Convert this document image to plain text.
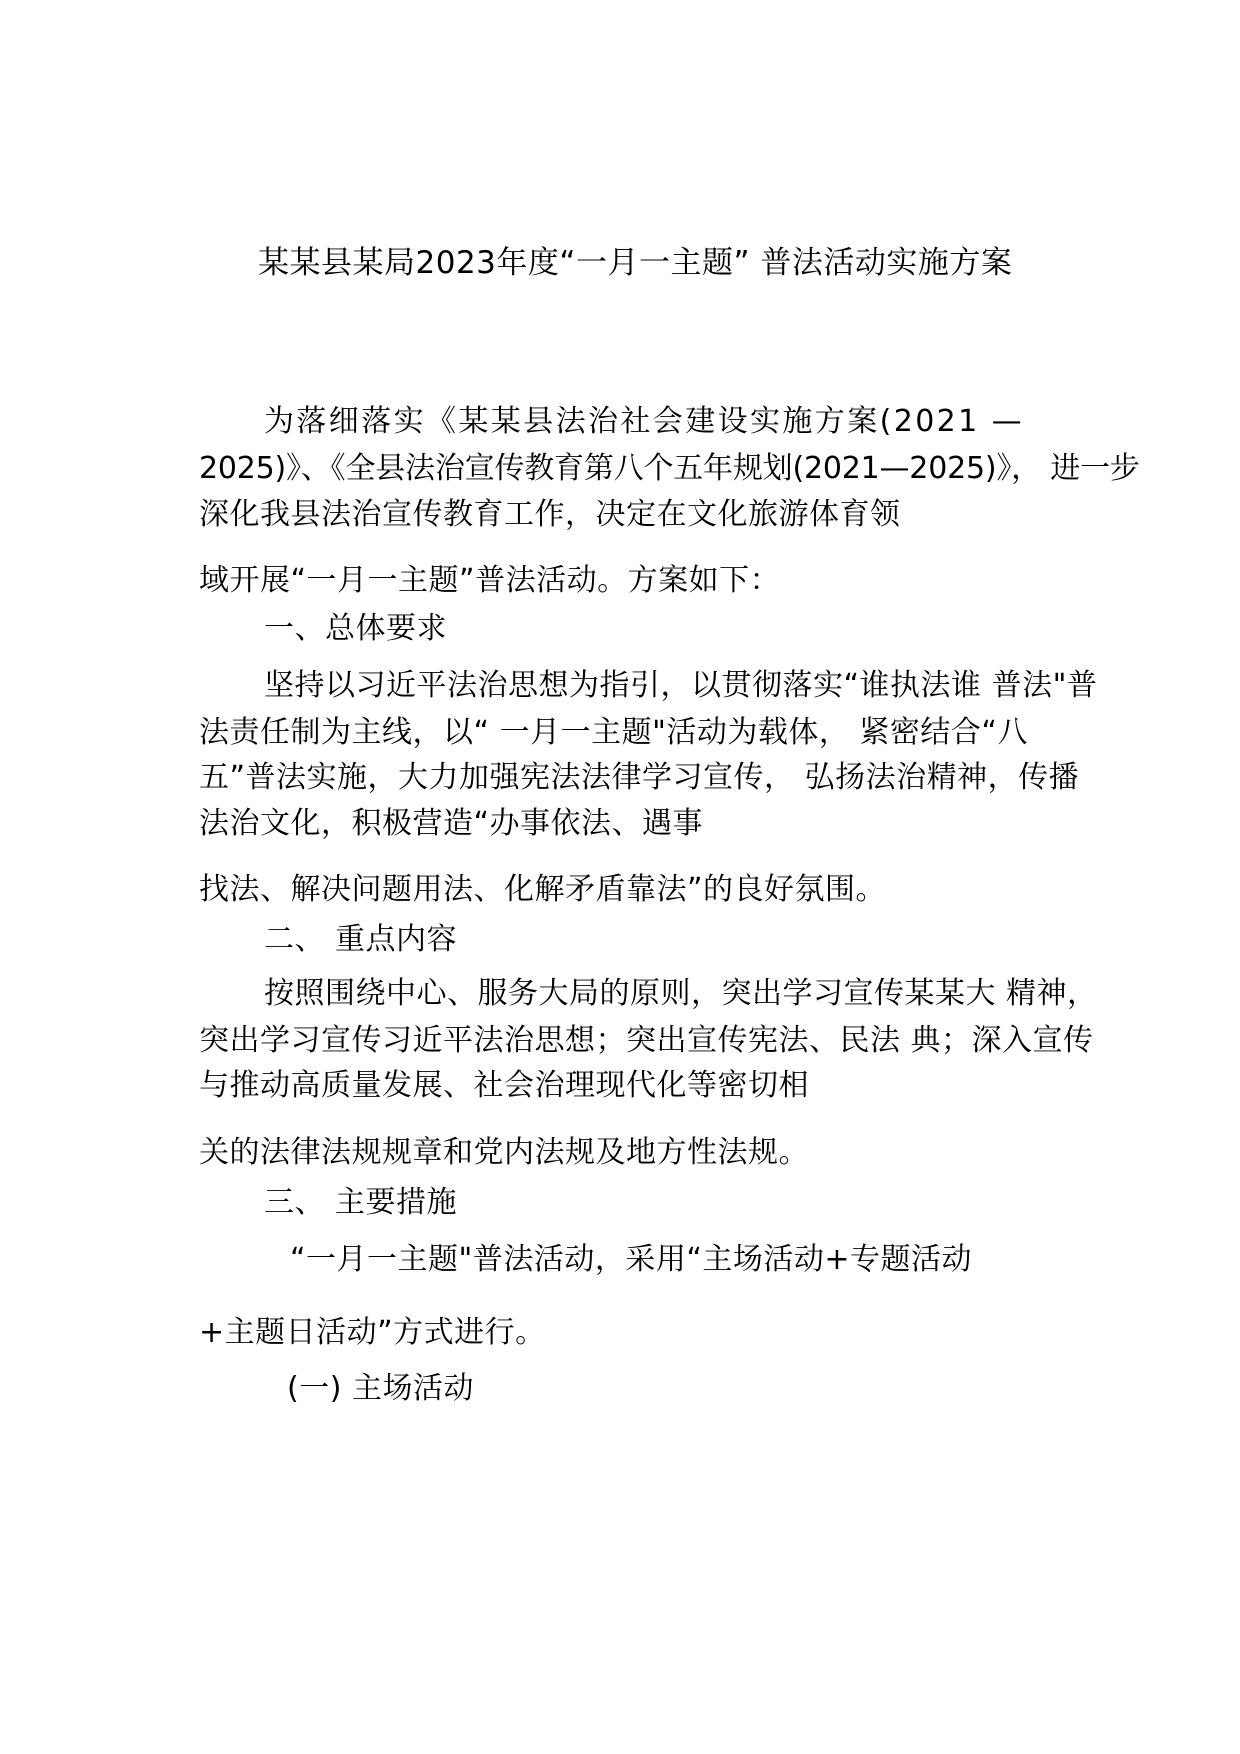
某某县某局2023年度“一月一主题” 普法活动实施方案
为落细落实《某某县法治社会建设实施方案(2021 —
2025)》、《全县法治宣传教育第八个五年规划(2021—2025)》， 进一步
深化我县法治宣传教育工作，决定在文化旅游体育领
域开展“一月一主题”普法活动。方案如下：
一、总体要求
坚持以习近平法治思想为指引，以贯彻落实“谁执法谁 普法"普
法责任制为主线，以“ 一月一主题"活动为载体， 紧密结合“八
五”普法实施，大力加强宪法法律学习宣传， 弘扬法治精神，传播
法治文化，积极营造“办事依法、遇事
找法、解决问题用法、化解矛盾靠法”的良好氛围。
二、 重点内容
按照围绕中心、服务大局的原则，突出学习宣传某某大 精神，
突出学习宣传习近平法治思想；突出宣传宪法、民法 典；深入宣传
与推动高质量发展、社会治理现代化等密切相
关的法律法规规章和党内法规及地方性法规。
三、 主要措施
“一月一主题"普法活动，采用“主场活动+专题活动
+主题日活动”方式进行。
(一) 主场活动
